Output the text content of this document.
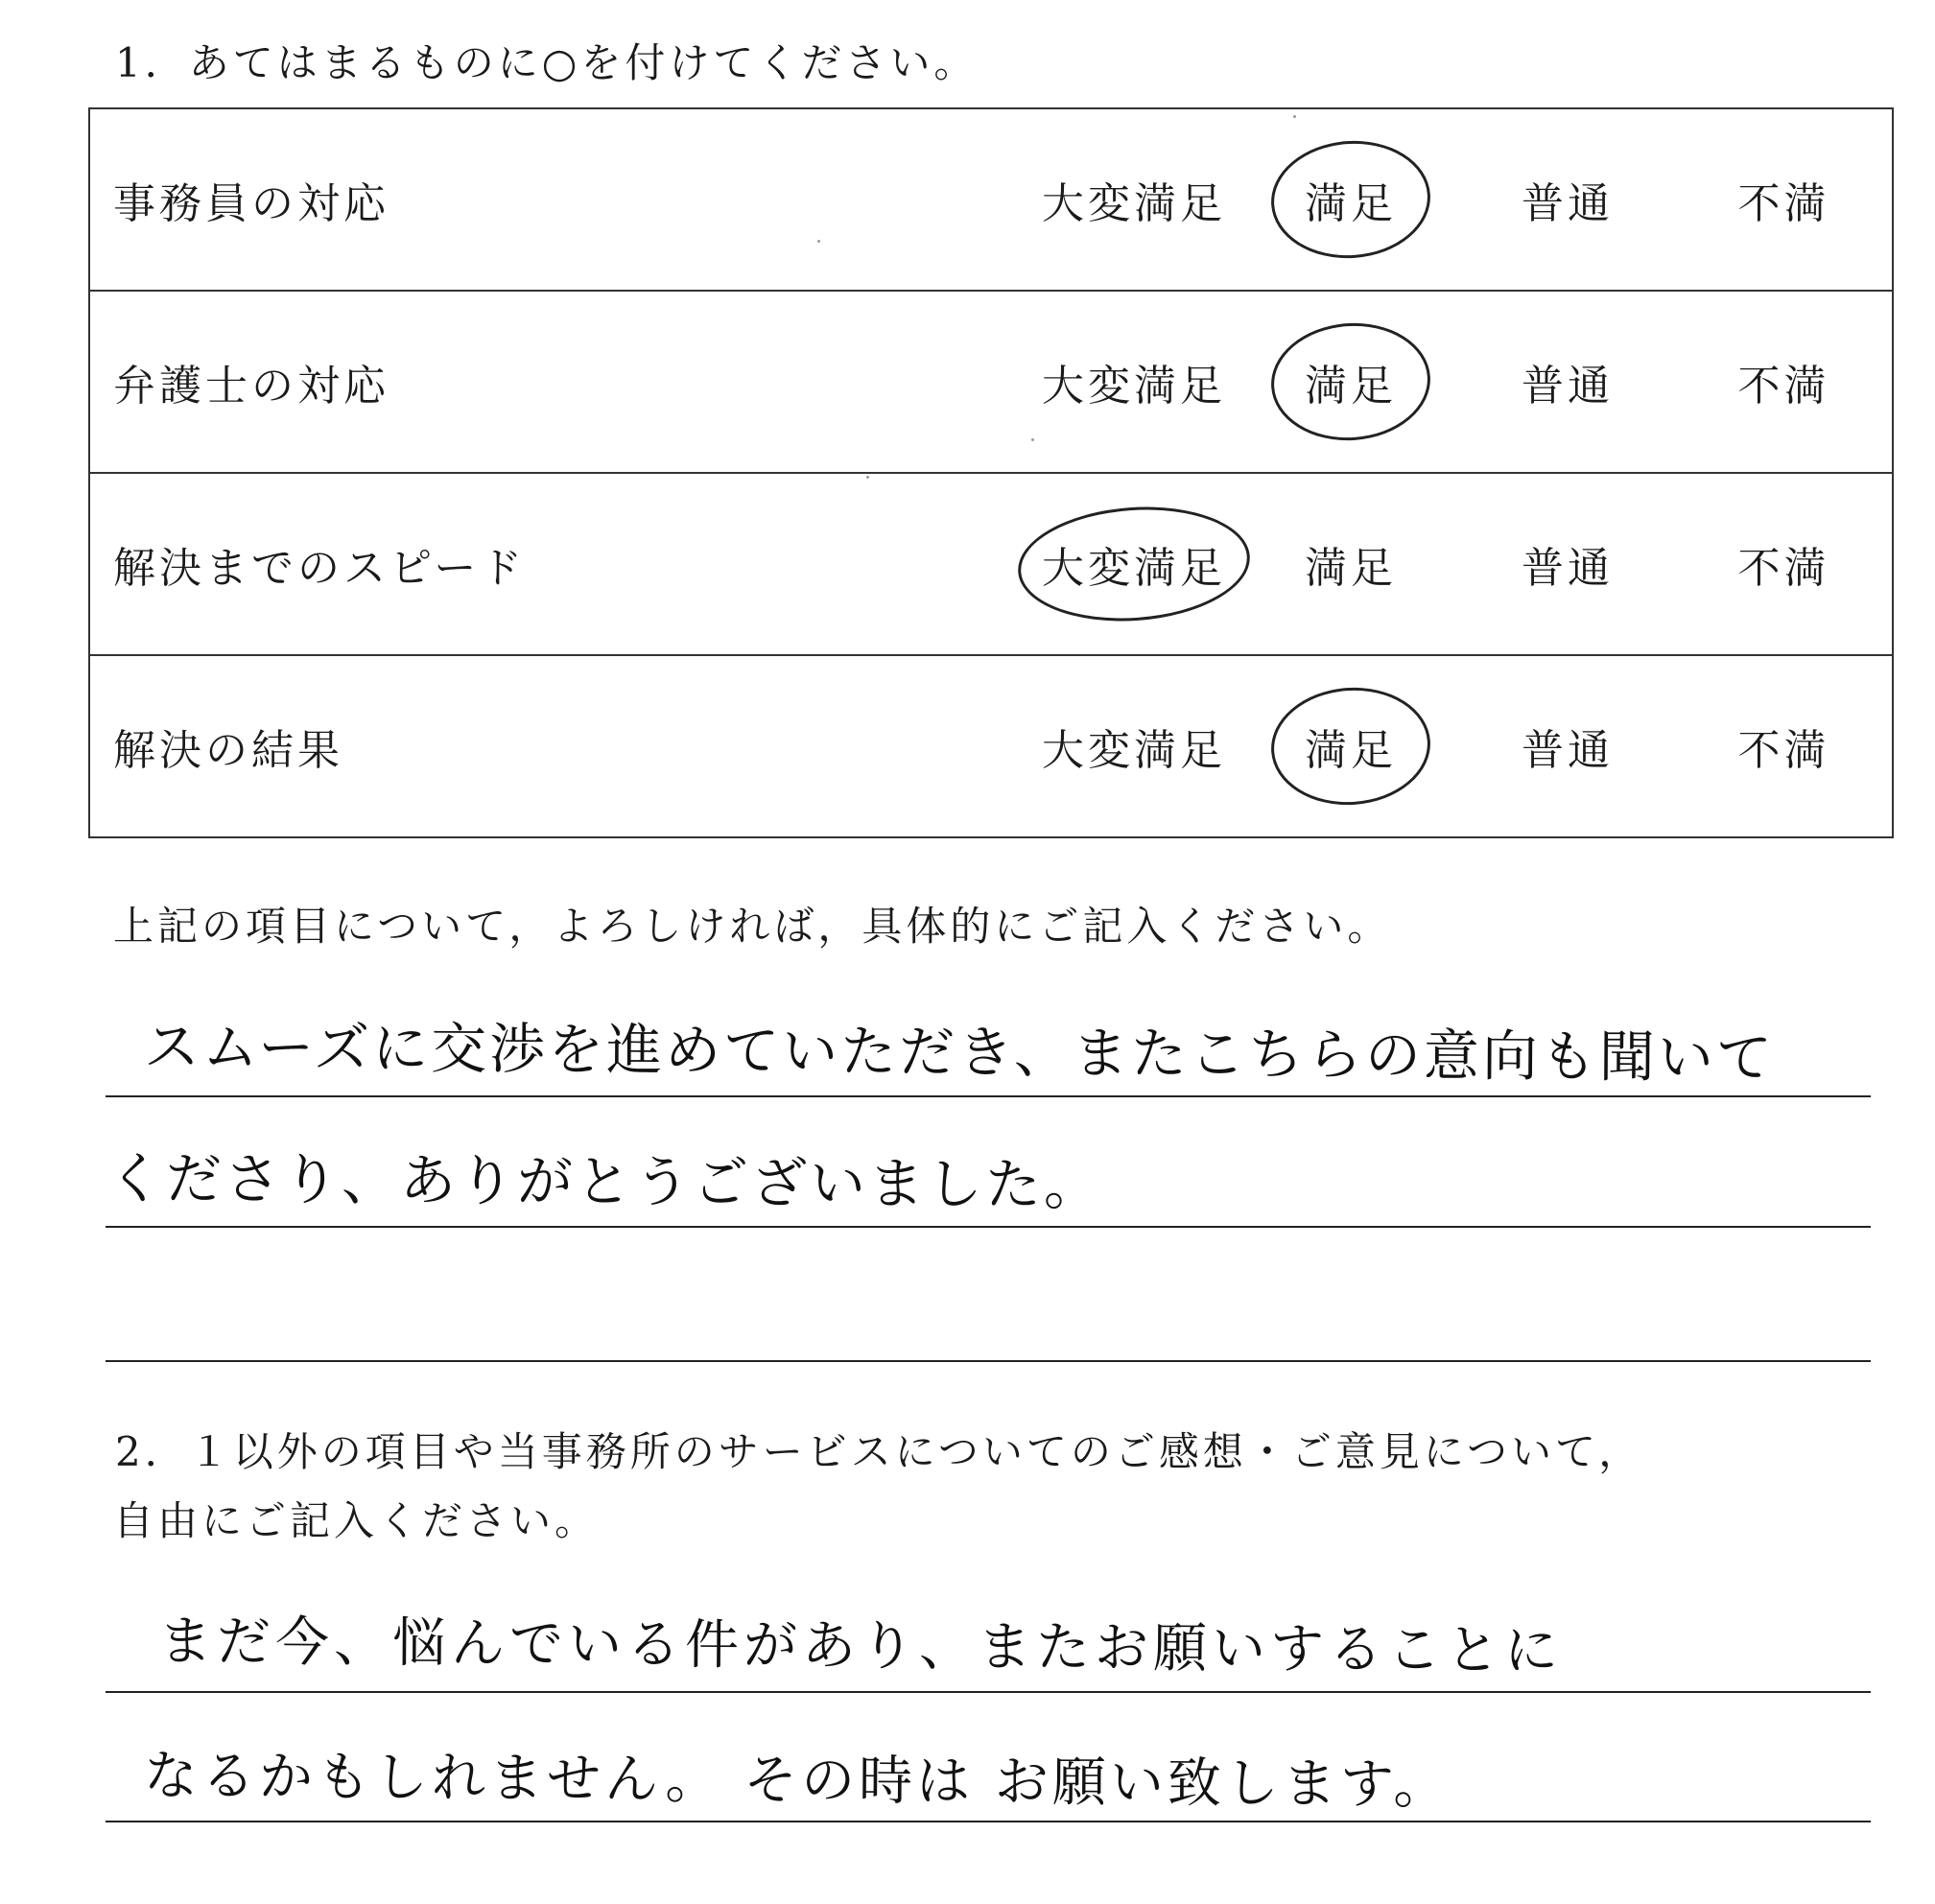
1．あてはまるものに○を付けてください。
事務員の対応	大変満足	満足	普通	不満
弁護士の対応	大変満足	満足	普通	不満
解決までのスピード	大変満足	満足	普通	不満
解決の結果	大変満足	満足	普通	不満
上記の項目について，よろしければ，具体的にご記入ください。
スムーズに交渉を進めていただき、またこちらの意向も聞いて
くださり、ありがとうございました。
2．１以外の項目や当事務所のサービスについてのご感想・ご意見について，
自由にご記入ください。
まだ今、悩んでいる件があり、またお願いすることに
なるかもしれません。 その時は お願い致します。
